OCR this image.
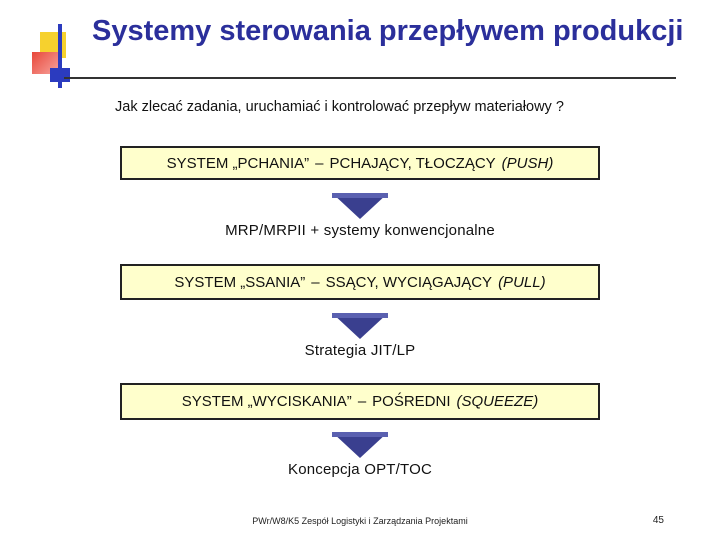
Systemy sterowania przepływem produkcji
Jak zlecać zadania, uruchamiać i kontrolować przepływ materiałowy ?
SYSTEM „PCHANIA” – PCHAJĄCY, TŁOCZĄCY (PUSH)
MRP/MRPII + systemy konwencjonalne
SYSTEM „SSANIA” – SSĄCY, WYCIĄGAJĄCY (PULL)
Strategia JIT/LP
SYSTEM „WYCISKANIA” – POŚREDNI (SQUEEZE)
Koncepcja OPT/TOC
PWr/W8/K5 Zespół Logistyki i Zarządzania Projektami	45
